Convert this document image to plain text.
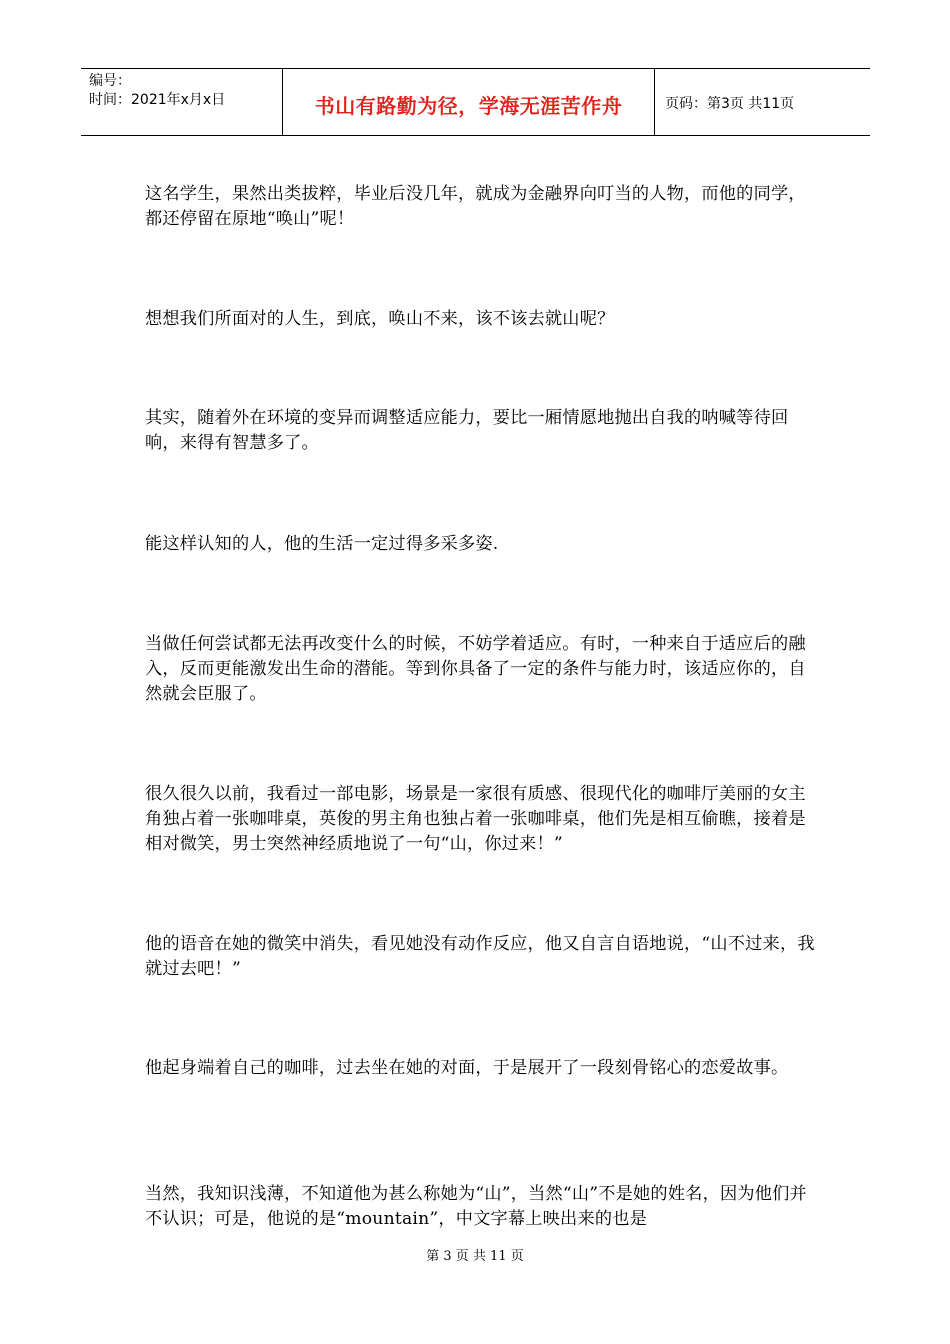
编号：
时间：2021年x月x日	书山有路勤为径，学海无涯苦作舟	页码：第3页 共11页

这名学生，果然出类拔粹，毕业后没几年，就成为金融界向叮当的人物，而他的同学，都还停留在原地“唤山”呢！

想想我们所面对的人生，到底，唤山不来，该不该去就山呢？

其实，随着外在环境的变异而调整适应能力，要比一厢情愿地抛出自我的呐喊等待回响，来得有智慧多了。

能这样认知的人，他的生活一定过得多采多姿.

当做任何尝试都无法再改变什么的时候，不妨学着适应。有时，一种来自于适应后的融入，反而更能激发出生命的潜能。等到你具备了一定的条件与能力时，该适应你的，自然就会臣服了。

很久很久以前，我看过一部电影，场景是一家很有质感、很现代化的咖啡厅美丽的女主角独占着一张咖啡桌，英俊的男主角也独占着一张咖啡桌，他们先是相互偷瞧，接着是相对微笑，男士突然神经质地说了一句“山，你过来！”

他的语音在她的微笑中消失，看见她没有动作反应，他又自言自语地说，“山不过来，我就过去吧！”

他起身端着自己的咖啡，过去坐在她的对面，于是展开了一段刻骨铭心的恋爱故事。

当然，我知识浅薄，不知道他为甚么称她为“山”，当然“山”不是她的姓名，因为他们并不认识；可是，他说的是“mountain”，中文字幕上映出来的也是

第 3 页 共 11 页
